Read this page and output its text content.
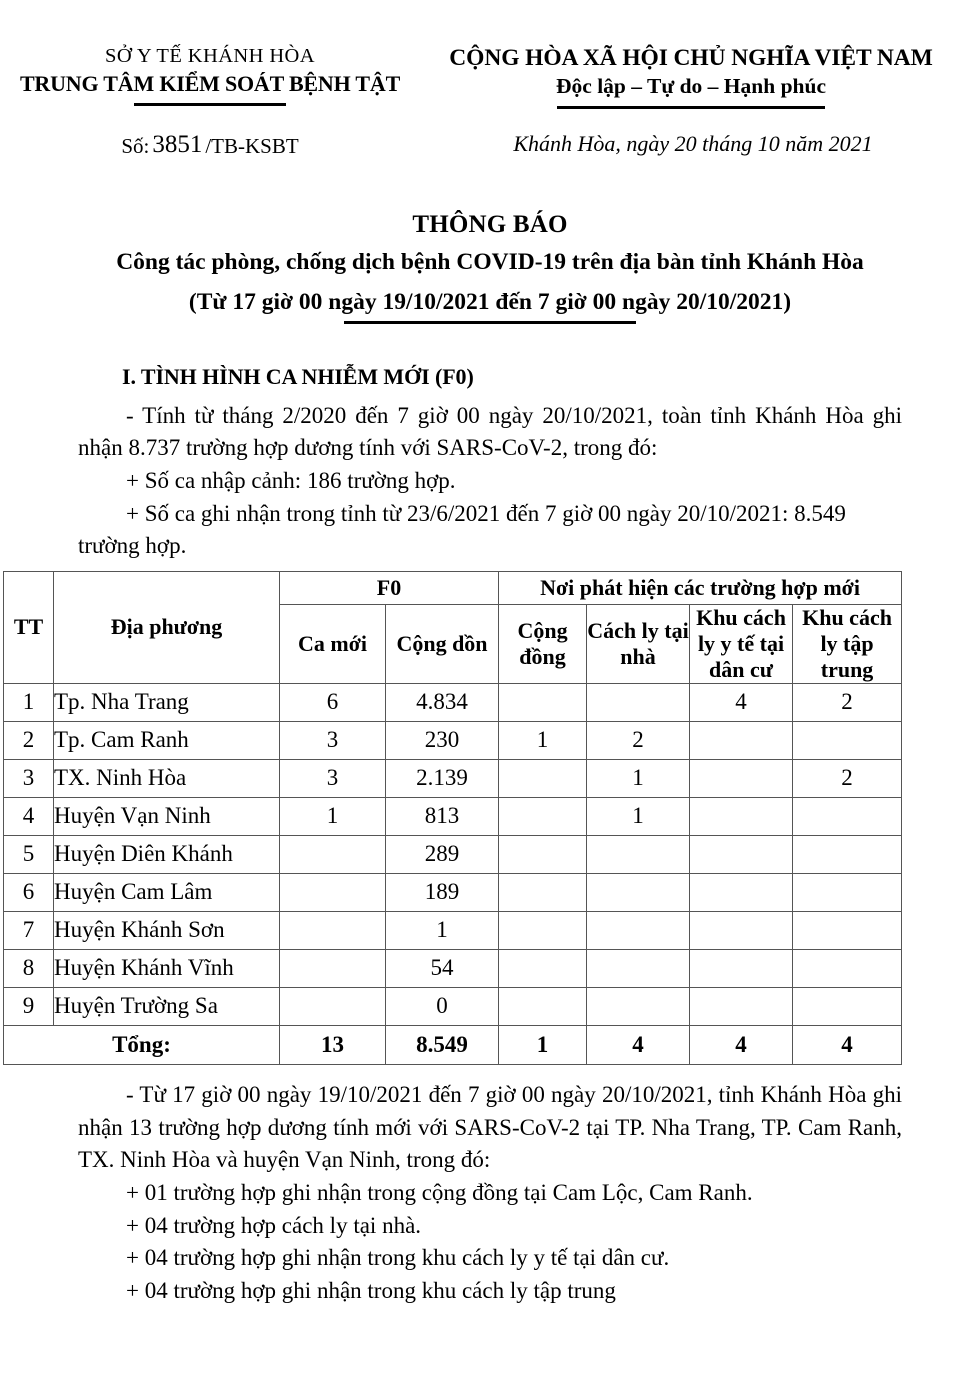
SỞ Y TẾ KHÁNH HÒA
TRUNG TÂM KIỂM SOÁT BỆNH TẬT
CỘNG HÒA XÃ HỘI CHỦ NGHĨA VIỆT NAM
Độc lập – Tự do – Hạnh phúc
Số: 3851 /TB-KSBT	Khánh Hòa, ngày 20 tháng 10 năm 2021
THÔNG BÁO
Công tác phòng, chống dịch bệnh COVID-19 trên địa bàn tỉnh Khánh Hòa
(Từ 17 giờ 00 ngày 19/10/2021 đến 7 giờ 00 ngày 20/10/2021)
I. TÌNH HÌNH CA NHIỄM MỚI (F0)

- Tính từ tháng 2/2020 đến 7 giờ 00 ngày 20/10/2021, toàn tỉnh Khánh Hòa ghi nhận 8.737 trường hợp dương tính với SARS-CoV-2, trong đó:

+ Số ca nhập cảnh: 186 trường hợp.

+ Số ca ghi nhận trong tỉnh từ 23/6/2021 đến 7 giờ 00 ngày 20/10/2021: 8.549 trường hợp.

TT	Địa phương	F0		Nơi phát hiện các trường hợp mới			
		Ca mới	Cộng dồn	Cộng đồng	Cách ly tại nhà	Khu cách ly y tế tại dân cư	Khu cách ly tập trung
1	Tp. Nha Trang	6	4.834			4	2
2	Tp. Cam Ranh	3	230	1	2		
3	TX. Ninh Hòa	3	2.139		1		2
4	Huyện Vạn Ninh	1	813		1		
5	Huyện Diên Khánh		289				
6	Huyện Cam Lâm		189				
7	Huyện Khánh Sơn		1				
8	Huyện Khánh Vĩnh		54				
9	Huyện Trường Sa		0				
Tổng:		13	8.549	1	4	4	4

- Từ 17 giờ 00 ngày 19/10/2021 đến 7 giờ 00 ngày 20/10/2021, tỉnh Khánh Hòa ghi nhận 13 trường hợp dương tính mới với SARS-CoV-2 tại TP. Nha Trang, TP. Cam Ranh, TX. Ninh Hòa và huyện Vạn Ninh, trong đó:

+ 01 trường hợp ghi nhận trong cộng đồng tại Cam Lộc, Cam Ranh.

+ 04 trường hợp cách ly tại nhà.

+ 04 trường hợp ghi nhận trong khu cách ly y tế tại dân cư.

+ 04 trường hợp ghi nhận trong khu cách ly tập trung
